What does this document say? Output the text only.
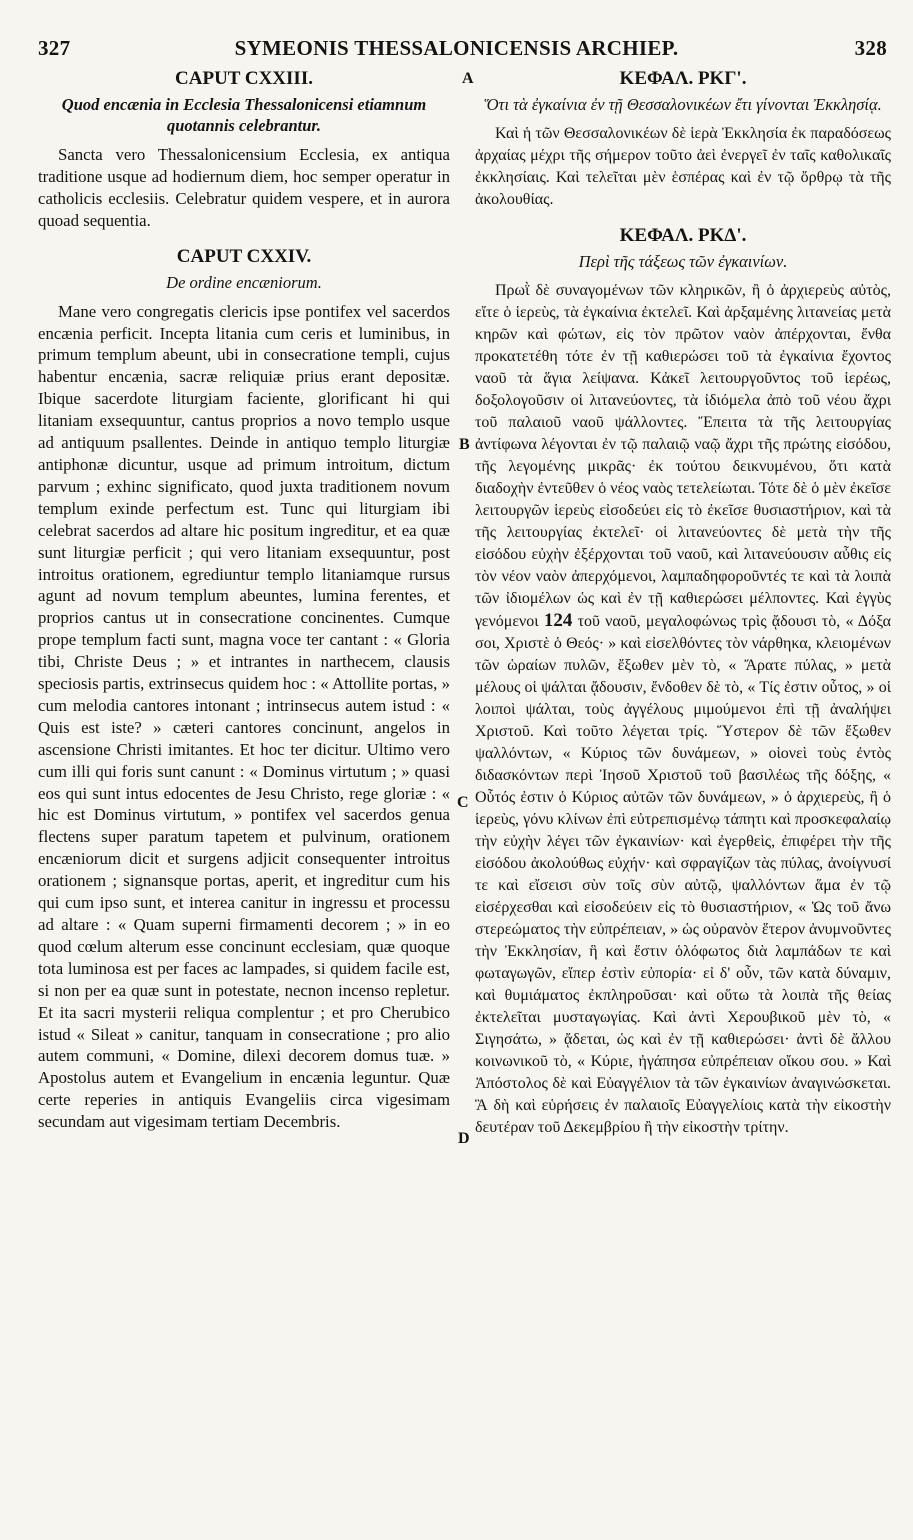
327	SYMEONIS THESSALONICENSIS ARCHIEP.	328
A
B
C
D
CAPUT CXXIII.

Quod encænia in Ecclesia Thessalonicensi etiamnum quotannis celebrantur.

Sancta vero Thessalonicensium Ecclesia, ex antiqua traditione usque ad hodiernum diem, hoc semper operatur in catholicis ecclesiis. Celebratur quidem vespere, et in aurora quoad sequentia.

CAPUT CXXIV.

De ordine encæniorum.

Mane vero congregatis clericis ipse pontifex vel sacerdos encænia perficit. Incepta litania cum ceris et luminibus, in primum templum abeunt, ubi in consecratione templi, cujus habentur encænia, sacræ reliquiæ prius erant depositæ. Ibique sacerdote liturgiam faciente, glorificant hi qui litaniam exsequuntur, cantus proprios a novo templo usque ad antiquum psallentes. Deinde in antiquo templo liturgiæ antiphonæ dicuntur, usque ad primum introitum, dictum parvum ; exhinc significato, quod juxta traditionem novum templum exinde perfectum est. Tunc qui liturgiam ibi celebrat sacerdos ad altare hic positum ingreditur, et ea quæ sunt liturgiæ perficit ; qui vero litaniam exsequuntur, post introitus orationem, egrediuntur templo litaniamque rursus agunt ad novum templum abeuntes, lumina ferentes, et proprios cantus ut in consecratione concinentes. Cumque prope templum facti sunt, magna voce ter cantant : « Gloria tibi, Christe Deus ; » et intrantes in narthecem, clausis speciosis partis, extrinsecus quidem hoc : « Attollite portas, » cum melodia cantores intonant ; intrinsecus autem istud : « Quis est iste? » cæteri cantores concinunt, angelos in ascensione Christi imitantes. Et hoc ter dicitur. Ultimo vero cum illi qui foris sunt canunt : « Dominus virtutum ; » quasi eos qui sunt intus edocentes de Jesu Christo, rege gloriæ : « hic est Dominus virtutum, » pontifex vel sacerdos genua flectens super paratum tapetem et pulvinum, orationem encæniorum dicit et surgens adjicit consequenter introitus orationem ; signansque portas, aperit, et ingreditur cum his qui cum ipso sunt, et interea canitur in ingressu et processu ad altare : « Quam superni firmamenti decorem ; » in eo quod cœlum alterum esse concinunt ecclesiam, quæ quoque tota luminosa est per faces ac lampades, si quidem facile est, si non per ea quæ sunt in potestate, necnon incenso repletur. Et ita sacri mysterii reliqua complentur ; et pro Cherubico istud « Sileat » canitur, tanquam in consecratione ; pro alio autem communi, « Domine, dilexi decorem domus tuæ. » Apostolus autem et Evangelium in encænia leguntur. Quæ certe reperies in antiquis Evangeliis circa vigesimam secundam aut vigesimam tertiam Decembris.

ΚΕΦΑΛ. ΡΚΓ'.

Ὅτι τὰ ἐγκαίνια ἐν τῇ Θεσσαλονικέων ἔτι γίνονται Ἐκκλησίᾳ.

Καὶ ἡ τῶν Θεσσαλονικέων δὲ ἱερὰ Ἐκκλησία ἐκ παραδόσεως ἀρχαίας μέχρι τῆς σήμερον τοῦτο ἀεὶ ἐνεργεῖ ἐν ταῖς καθολικαῖς ἐκκλησίαις. Καὶ τελεῖται μὲν ἑσπέρας καὶ ἐν τῷ ὄρθρῳ τὰ τῆς ἀκολουθίας.

ΚΕΦΑΛ. ΡΚΔ'.

Περὶ τῆς τάξεως τῶν ἐγκαινίων.

Πρωῒ δὲ συναγομένων τῶν κληρικῶν, ἢ ὁ ἀρχιερεὺς αὐτὸς, εἴτε ὁ ἱερεὺς, τὰ ἐγκαίνια ἐκτελεῖ. Καὶ ἀρξαμένης λιτανείας μετὰ κηρῶν καὶ φώτων, εἰς τὸν πρῶτον ναὸν ἀπέρχονται, ἔνθα προκατετέθη τότε ἐν τῇ καθιερώσει τοῦ τὰ ἐγκαίνια ἔχοντος ναοῦ τὰ ἅγια λείψανα. Κἀκεῖ λειτουργοῦντος τοῦ ἱερέως, δοξολογοῦσιν οἱ λιτανεύοντες, τὰ ἰδιόμελα ἀπὸ τοῦ νέου ἄχρι τοῦ παλαιοῦ ναοῦ ψάλλοντες. Ἔπειτα τὰ τῆς λειτουργίας ἀντίφωνα λέγονται ἐν τῷ παλαιῷ ναῷ ἄχρι τῆς πρώτης εἰσόδου, τῆς λεγομένης μικρᾶς· ἐκ τούτου δεικνυμένου, ὅτι κατὰ διαδοχὴν ἐντεῦθεν ὁ νέος ναὸς τετελείωται. Τότε δὲ ὁ μὲν ἐκεῖσε λειτουργῶν ἱερεὺς εἰσοδεύει εἰς τὸ ἐκεῖσε θυσιαστήριον, καὶ τὰ τῆς λειτουργίας ἐκτελεῖ· οἱ λιτανεύοντες δὲ μετὰ τὴν τῆς εἰσόδου εὐχὴν ἐξέρχονται τοῦ ναοῦ, καὶ λιτανεύουσιν αὖθις εἰς τὸν νέον ναὸν ἀπερχόμενοι, λαμπαδηφοροῦντές τε καὶ τὰ λοιπὰ τῶν ἰδιομέλων ὡς καὶ ἐν τῇ καθιερώσει μέλποντες. Καὶ ἐγγὺς γενόμενοι 124 τοῦ ναοῦ, μεγαλοφώνως τρὶς ᾄδουσι τὸ, « Δόξα σοι, Χριστὲ ὁ Θεός· » καὶ εἰσελθόντες τὸν νάρθηκα, κλειομένων τῶν ὡραίων πυλῶν, ἔξωθεν μὲν τὸ, « Ἄρατε πύλας, » μετὰ μέλους οἱ ψάλται ᾄδουσιν, ἔνδοθεν δὲ τὸ, « Τίς ἐστιν οὗτος, » οἱ λοιποὶ ψάλται, τοὺς ἀγγέλους μιμούμενοι ἐπὶ τῇ ἀναλήψει Χριστοῦ. Καὶ τοῦτο λέγεται τρίς. Ὕστερον δὲ τῶν ἔξωθεν ψαλλόντων, « Κύριος τῶν δυνάμεων, » οἱονεὶ τοὺς ἐντὸς διδασκόντων περὶ Ἰησοῦ Χριστοῦ τοῦ βασιλέως τῆς δόξης, « Οὗτός ἐστιν ὁ Κύριος αὐτῶν τῶν δυνάμεων, » ὁ ἀρχιερεὺς, ἢ ὁ ἱερεὺς, γόνυ κλίνων ἐπὶ εὐτρεπισμένῳ τάπητι καὶ προσκεφαλαίῳ τὴν εὐχὴν λέγει τῶν ἐγκαινίων· καὶ ἐγερθεὶς, ἐπιφέρει τὴν τῆς εἰσόδου ἀκολούθως εὐχήν· καὶ σφραγίζων τὰς πύλας, ἀνοίγνυσί τε καὶ εἴσεισι σὺν τοῖς σὺν αὐτῷ, ψαλλόντων ἅμα ἐν τῷ εἰσέρχεσθαι καὶ εἰσοδεύειν εἰς τὸ θυσιαστήριον, « Ὡς τοῦ ἄνω στερεώματος τὴν εὐπρέπειαν, » ὡς οὐρανὸν ἕτερον ἀνυμνοῦντες τὴν Ἐκκλησίαν, ἣ καὶ ἔστιν ὁλόφωτος διὰ λαμπάδων τε καὶ φωταγωγῶν, εἴπερ ἐστὶν εὐπορία· εἰ δ' οὖν, τῶν κατὰ δύναμιν, καὶ θυμιάματος ἐκπληροῦσαι· καὶ οὕτω τὰ λοιπὰ τῆς θείας ἐκτελεῖται μυσταγωγίας. Καὶ ἀντὶ Χερουβικοῦ μὲν τὸ, « Σιγησάτω, » ᾄδεται, ὡς καὶ ἐν τῇ καθιερώσει· ἀντὶ δὲ ἄλλου κοινωνικοῦ τὸ, « Κύριε, ἠγάπησα εὐπρέπειαν οἴκου σου. » Καὶ Ἀπόστολος δὲ καὶ Εὐαγγέλιον τὰ τῶν ἐγκαινίων ἀναγινώσκεται. Ἃ δὴ καὶ εὑρήσεις ἐν παλαιοῖς Εὐαγγελίοις κατὰ τὴν εἰκοστὴν δευτέραν τοῦ Δεκεμβρίου ἢ τὴν εἰκοστὴν τρίτην.
